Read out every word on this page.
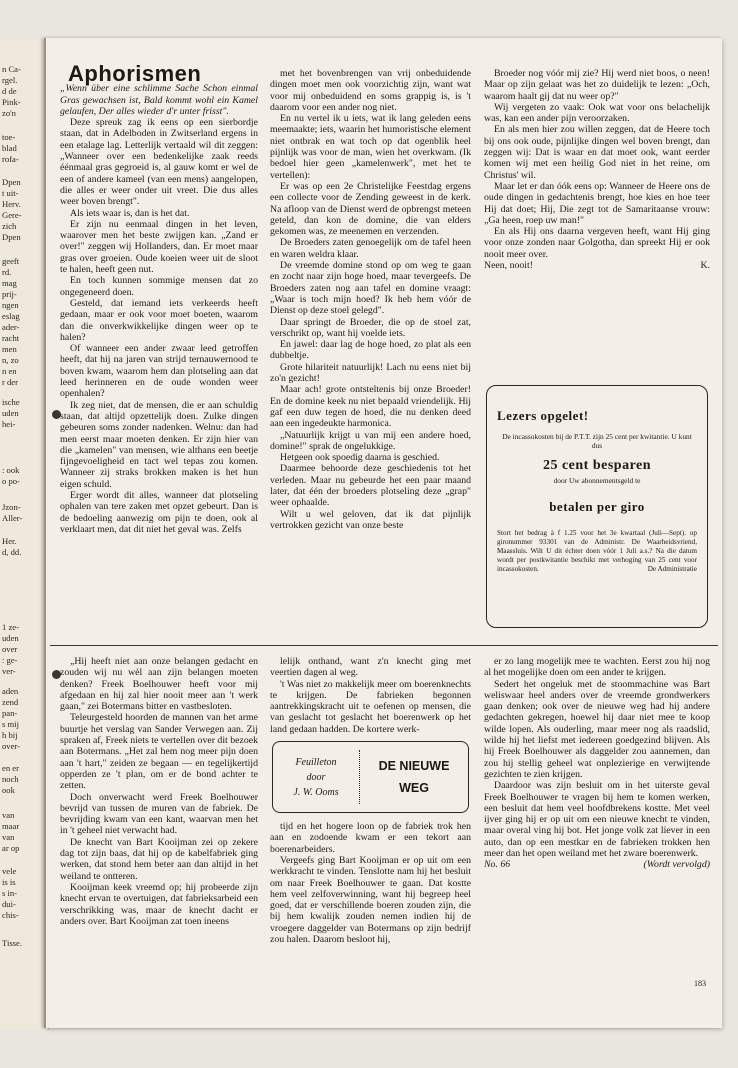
n Ca-
rgel.
d de
Pink-
zo'n
toe-
blad
rofa-
Dpen
t uit-
Herv.
Gere-
zich
Dpen
geeft
rd.
mag
prij-
ngen
eslag
ader-
racht
men
n, zo
n en
r der
ische
uden
hei-
: ook
o po-
Jzon-
Aller-
Her.
d, dd.
1 ze-
uden
over
: ge-
ver-
aden
zend
pan-
s mij
h bij
over-
en er
noch
ook
van
maar
van
ar op
vele
is is
s in-
dui-
chis-
Tisse.
Aphorismen

„Wenn über eine schlimme Sache Schon einmal Gras gewachsen ist, Bald kommt wohl ein Kamel gelaufen, Der alles wieder d'r unter frisst".

Deze spreuk zag ik eens op een sierbordje staan, dat in Adelboden in Zwitserland ergens in een etalage lag. Letterlijk vertaald wil dit zeggen: „Wanneer over een bedenkelijke zaak reeds éénmaal gras gegroeid is, al gauw komt er wel de een of andere kameel (van een mens) aangelopen, die alles er weer onder uit vreet. Die dus alles weer boven brengt".

Als iets waar is, dan is het dat.

Er zijn nu eenmaal dingen in het leven, waarover men het beste zwijgen kan. „Zand er over!" zeggen wij Hollanders, dan. Er moet maar gras over groeien. Oude koeien weer uit de sloot te halen, heeft geen nut.

En toch kunnen sommige mensen dat zo ongegeneerd doen.

Gesteld, dat iemand iets verkeerds heeft gedaan, maar er ook voor moet boeten, waarom dan die onverkwikkelijke dingen weer op te halen?

Of wanneer een ander zwaar leed getroffen heeft, dat hij na jaren van strijd ternauwernood te boven kwam, waarom hem dan plotseling aan dat leed herinneren en de oude wonden weer openhalen?

Ik zeg niet, dat de mensen, die er aan schuldig staan, dat altijd opzettelijk doen. Zulke dingen gebeuren soms zonder nadenken. Welnu: dan had men eerst maar moeten denken. Er zijn hier van die „kamelen" van mensen, wie althans een beetje fijngevoeligheid en tact wel tepas zou komen. Wanneer zij straks brokken maken is het hun eigen schuld.

Erger wordt dit alles, wanneer dat plotseling ophalen van tere zaken met opzet gebeurt. Dan is de bedoeling aanwezig om pijn te doen, ook al verklaart men, dat dit niet het geval was. Zelfs

met het bovenbrengen van vrij onbeduidende dingen moet men ook voorzichtig zijn, want wat voor mij onbeduidend en soms grappig is, is 't daarom voor een ander nog niet.

En nu vertel ik u iets, wat ik lang geleden eens meemaakte; iets, waarin het humoristische element niet ontbrak en wat toch op dat ogenblik heel pijnlijk was voor de man, wien het overkwam. (Ik bedoel hier geen „kamelenwerk", met het te vertellen):

Er was op een 2e Christelijke Feestdag ergens een collecte voor de Zending geweest in de kerk. Na afloop van de Dienst werd de opbrengst meteen geteld, dan kon de domine, die van elders gekomen was, ze meenemen en verzenden.

De Broeders zaten genoegelijk om de tafel heen en waren weldra klaar.

De vreemde domine stond op om weg te gaan en zocht naar zijn hoge hoed, maar tevergeefs. De Broeders zaten nog aan tafel en domine vraagt: „Waar is toch mijn hoed? Ik heb hem vóór de Dienst op deze stoel gelegd".

Daar springt de Broeder, die op de stoel zat, verschrikt op, want hij voelde iets.

En jawel: daar lag de hoge hoed, zo plat als een dubbeltje.

Grote hilariteit natuurlijk! Lach nu eens niet bij zo'n gezicht!

Maar ach! grote ontsteltenis bij onze Broeder! En de domine keek nu niet bepaald vriendelijk. Hij gaf een duw tegen de hoed, die nu denken deed aan een ingedeukte harmonica.

„Natuurlijk krijgt u van mij een andere hoed, domine!" sprak de ongelukkige.

Hetgeen ook spoedig daarna is geschied.

Daarmee behoorde deze geschiedenis tot het verleden. Maar nu gebeurde het een paar maand later, dat één der broeders plotseling deze „grap" weer ophaalde.

Wilt u wel geloven, dat ik dat pijnlijk vertrokken gezicht van onze beste

Broeder nog vóór mij zie? Hij werd niet boos, o neen! Maar op zijn gelaat was het zo duidelijk te lezen: „Och, waarom haalt gij dat nu weer op?"

Wij vergeten zo vaak: Ook wat voor ons belachelijk was, kan een ander pijn veroorzaken.

En als men hier zou willen zeggen, dat de Heere toch bij ons ook oude, pijnlijke dingen wel boven brengt, dan zeggen wij: Dat is waar en dat moet ook, want eerder komen wij met een heilig God niet in het reine, om Christus' wil.

Maar let er dan óók eens op: Wanneer de Heere ons de oude dingen in gedachtenis brengt, hoe kies en hoe teer Hij dat doet; Hij, Die zegt tot de Samaritaanse vrouw: „Ga heen, roep uw man!"

En als Hij ons daarna vergeven heeft, want Hij ging voor onze zonden naar Golgotha, dan spreekt Hij er ook nooit meer over.

Neen, nooit!	K.

Lezers opgelet!

De incassokosten bij de P.T.T. zijn 25 cent per kwitantie. U kunt dus

25 cent besparen

door Uw abonnementsgeld te

betalen per giro

Stort het bedrag à f 1.25 voor het 3e kwartaal (Juli—Sept). op gironummer 93301 van de Administr. De Waarheidsvriend, Maassluis. Wilt U dit échter doen vóór 1 Juli a.s.? Na die datum wordt per postkwitantie beschikt met verhoging van 25 cent voor incassokosten.	De Administratie

„Hij heeft niet aan onze belangen gedacht en zouden wij nu wèl aan zijn belangen moeten denken? Freek Boelhouwer heeft voor mij afgedaan en hij zal hier nooit meer aan 't werk gaan," zei Botermans bitter en vastbesloten.

Teleurgesteld hoorden de mannen van het arme buurtje het verslag van Sander Verwegen aan. Zij spraken af, Freek niets te vertellen over dit bezoek aan Botermans. „Het zal hem nog meer pijn doen aan 't hart," zeiden ze begaan — en tegelijkertijd opperden ze 't plan, om er de bond achter te zetten.

Doch onverwacht werd Freek Boelhouwer bevrijd van tussen de muren van de fabriek. De bevrijding kwam van een kant, waarvan men het in 't geheel niet verwacht had.

De knecht van Bart Kooijman zei op zekere dag tot zijn baas, dat hij op de kabelfabriek ging werken, dat stond hem beter aan dan altijd in het weiland te ontteren.

Kooijman keek vreemd op; hij probeerde zijn knecht ervan te overtuigen, dat fabrieksarbeid een verschrikking was, maar de knecht dacht er anders over. Bart Kooijman zat toen ineens

lelijk onthand, want z'n knecht ging met veertien dagen al weg.

't Was niet zo makkelijk meer om boerenknechts te krijgen. De fabrieken begonnen aantrekkingskracht uit te oefenen op mensen, die van geslacht tot geslacht het boerenwerk op het land gedaan hadden. De kortere werk-

Feuilleton
door
J. W. Ooms
DE NIEUWE
WEG

tijd en het hogere loon op de fabriek trok hen aan en zodoende kwam er een tekort aan boerenarbeiders.

Vergeefs ging Bart Kooijman er op uit om een werkkracht te vinden. Tenslotte nam hij het besluit om naar Freek Boelhouwer te gaan. Dat kostte hem veel zelfoverwinning, want hij begreep heel goed, dat er verschillende boeren zouden zijn, die bij hem kwalijk zouden nemen indien hij de vroegere daggelder van Botermans op zijn bedrijf zou halen. Daarom besloot hij,

er zo lang mogelijk mee te wachten. Eerst zou hij nog al het mogelijke doen om een ander te krijgen.

Sedert het ongeluk met de stoommachine was Bart weliswaar heel anders over de vreemde grondwerkers gaan denken; ook over de nieuwe weg had hij andere gedachten gekregen, hoewel hij daar niet mee te koop wilde lopen. Als ouderling, maar meer nog als raadslid, wilde hij het liefst met iedereen goedgezind blijven. Als hij Freek Boelhouwer als daggelder zou aannemen, dan zou hij stellig geheel wat onplezierige en verwijtende gezichten te zien krijgen.

Daardoor was zijn besluit om in het uiterste geval Freek Boelhouwer te vragen bij hem te komen werken, een besluit dat hem veel hoofdbrekens kostte. Met veel ijver ging hij er op uit om een nieuwe knecht te vinden, maar overal ving hij bot. Het jonge volk zat liever in een auto, dan op een mestkar en de fabrieken trokken hen meer dan het open weiland met het zware boerenwerk.

No. 66	(Wordt vervolgd)

183
